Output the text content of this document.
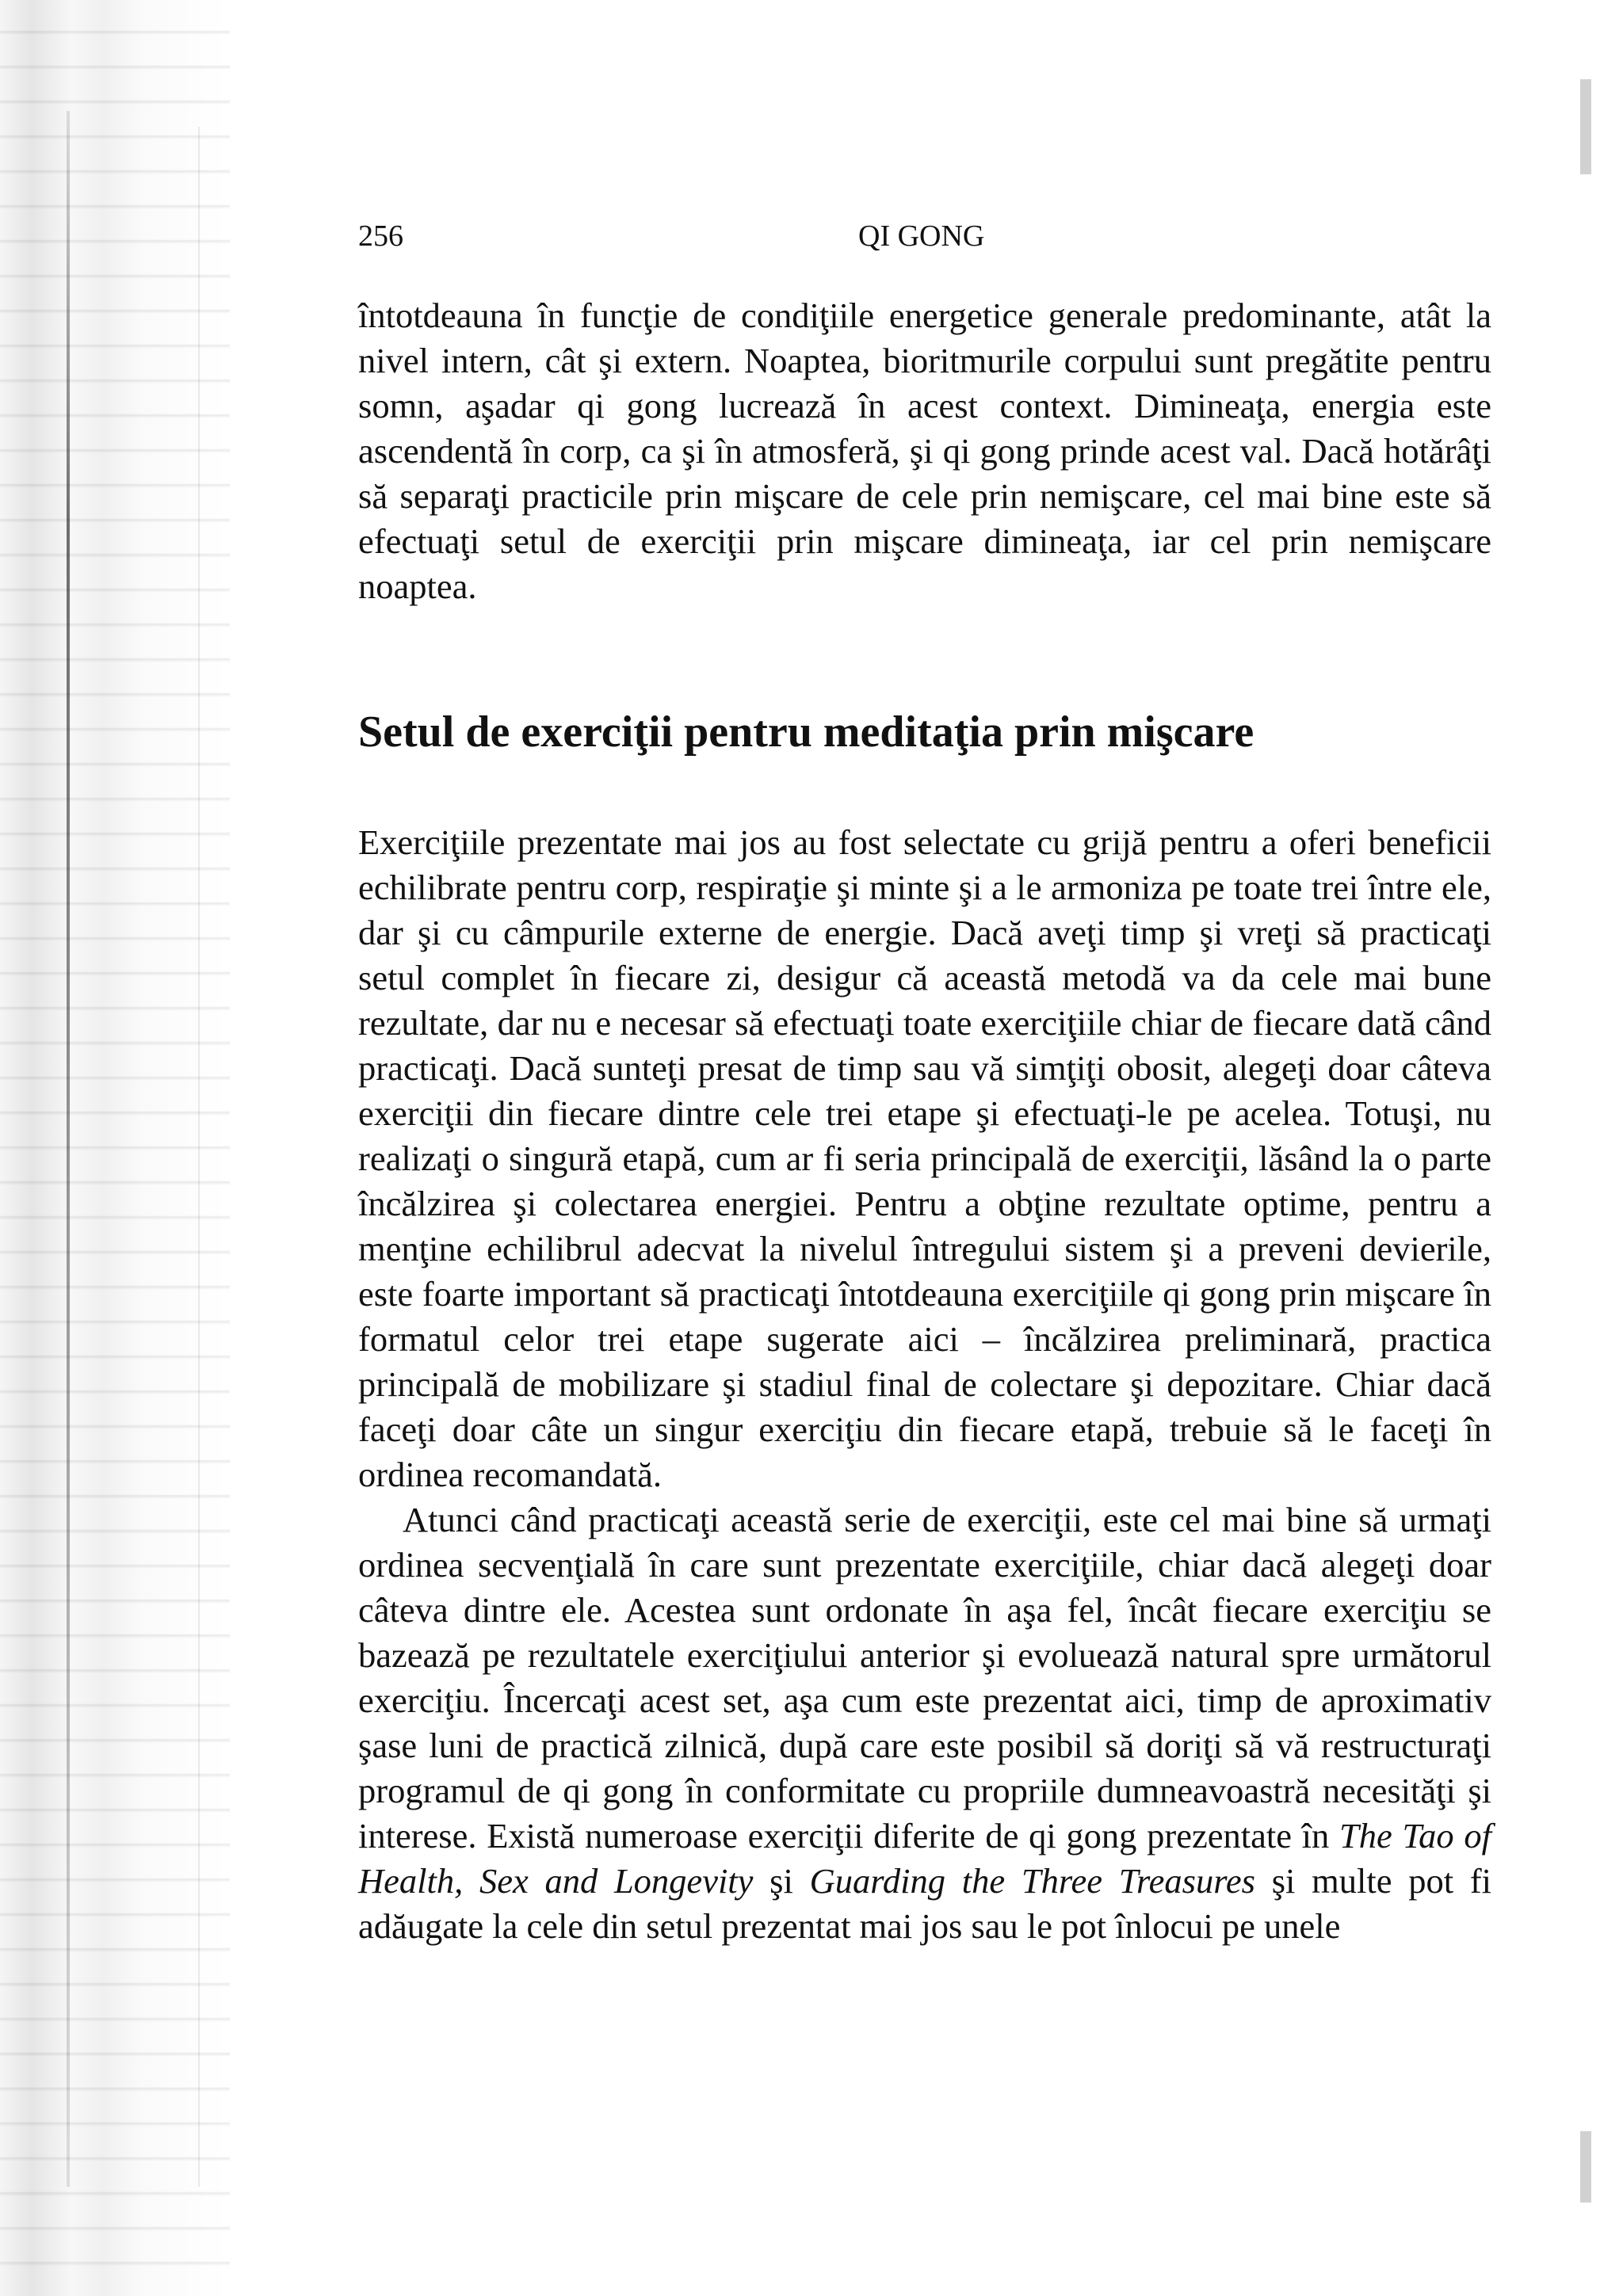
256	QI GONG

întotdeauna în funcţie de condiţiile energetice generale predominante, atât la nivel intern, cât şi extern. Noaptea, bioritmurile corpului sunt pregătite pentru somn, aşadar qi gong lucrează în acest context. Dimineaţa, energia este ascendentă în corp, ca şi în atmosferă, şi qi gong prinde acest val. Dacă hotărâţi să separaţi practicile prin mişcare de cele prin nemişcare, cel mai bine este să efectuaţi setul de exerciţii prin mişcare dimineaţa, iar cel prin nemişcare noaptea.

Setul de exerciţii pentru meditaţia prin mişcare

Exerciţiile prezentate mai jos au fost selectate cu grijă pentru a oferi beneficii echilibrate pentru corp, respiraţie şi minte şi a le armoniza pe toate trei între ele, dar şi cu câmpurile externe de energie. Dacă aveţi timp şi vreţi să practicaţi setul complet în fiecare zi, desigur că această metodă va da cele mai bune rezultate, dar nu e necesar să efectuaţi toate exerciţiile chiar de fiecare dată când practicaţi. Dacă sunteţi presat de timp sau vă simţiţi obosit, alegeţi doar câteva exerciţii din fiecare dintre cele trei etape şi efectuaţi-le pe acelea. Totuşi, nu realizaţi o singură etapă, cum ar fi seria principală de exerciţii, lăsând la o parte încălzirea şi colectarea energiei. Pentru a obţine rezultate optime, pentru a menţine echilibrul adecvat la nivelul întregului sistem şi a preveni devierile, este foarte important să practicaţi întotdeauna exerciţiile qi gong prin mişcare în formatul celor trei etape sugerate aici – încălzirea preliminară, practica principală de mobilizare şi stadiul final de colectare şi depozitare. Chiar dacă faceţi doar câte un singur exerciţiu din fiecare etapă, trebuie să le faceţi în ordinea recomandată.

Atunci când practicaţi această serie de exerciţii, este cel mai bine să urmaţi ordinea secvenţială în care sunt prezentate exerciţiile, chiar dacă alegeţi doar câteva dintre ele. Acestea sunt ordonate în aşa fel, încât fiecare exerciţiu se bazează pe rezultatele exerciţiului anterior şi evoluează natural spre următorul exerciţiu. Încercaţi acest set, aşa cum este prezentat aici, timp de aproximativ şase luni de practică zilnică, după care este posibil să doriţi să vă restructuraţi programul de qi gong în conformitate cu propriile dumneavoastră necesităţi şi interese. Există numeroase exerciţii diferite de qi gong prezentate în The Tao of Health, Sex and Longevity şi Guarding the Three Treasures şi multe pot fi adăugate la cele din setul prezentat mai jos sau le pot înlocui pe unele
